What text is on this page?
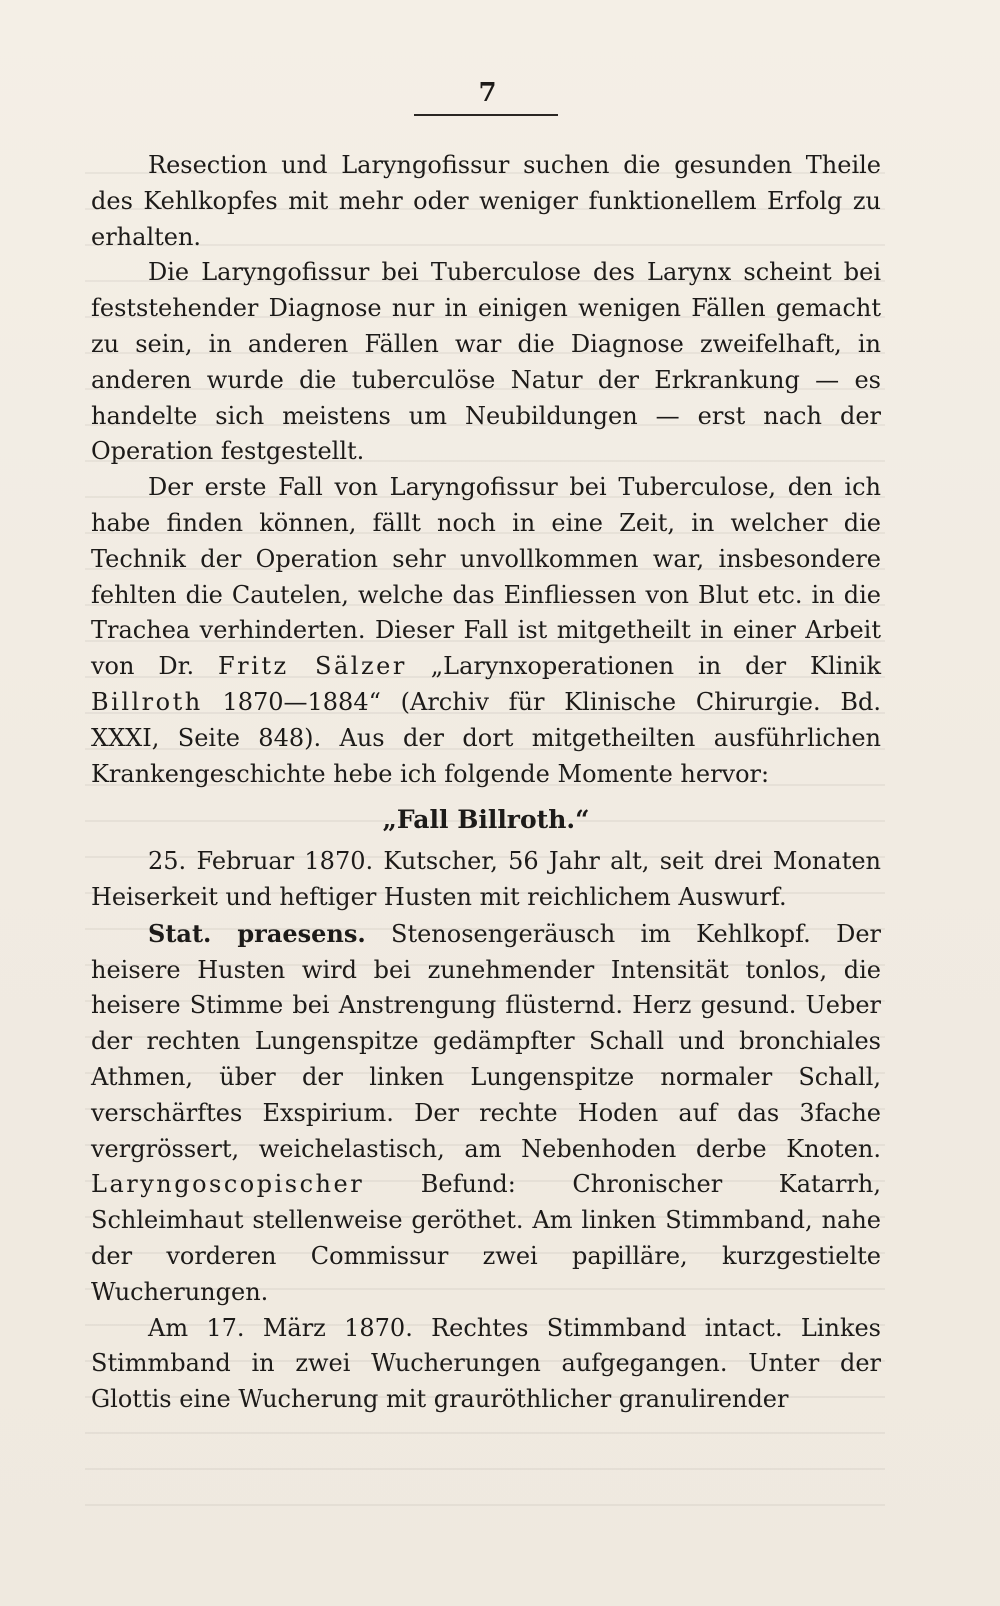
7

Resection und Laryngofissur suchen die gesunden Theile des Kehlkopfes mit mehr oder weniger funktionellem Erfolg zu erhalten.

Die Laryngofissur bei Tuberculose des Larynx scheint bei feststehender Diagnose nur in einigen wenigen Fällen gemacht zu sein, in anderen Fällen war die Diagnose zweifelhaft, in anderen wurde die tuberculöse Natur der Erkrankung — es handelte sich meistens um Neubildungen — erst nach der Operation festgestellt.

Der erste Fall von Laryngofissur bei Tuberculose, den ich habe finden können, fällt noch in eine Zeit, in welcher die Technik der Operation sehr unvollkommen war, insbesondere fehlten die Cautelen, welche das Einfliessen von Blut etc. in die Trachea verhinderten. Dieser Fall ist mitgetheilt in einer Arbeit von Dr. Fritz Sälzer „Larynxoperationen in der Klinik Billroth 1870—1884“ (Archiv für Klinische Chirurgie. Bd. XXXI, Seite 848). Aus der dort mitgetheilten ausführlichen Krankengeschichte hebe ich folgende Momente hervor:

„Fall Billroth.“

25. Februar 1870. Kutscher, 56 Jahr alt, seit drei Monaten Heiserkeit und heftiger Husten mit reichlichem Auswurf.

Stat. praesens. Stenosengeräusch im Kehlkopf. Der heisere Husten wird bei zunehmender Intensität tonlos, die heisere Stimme bei Anstrengung flüsternd. Herz gesund. Ueber der rechten Lungenspitze gedämpfter Schall und bronchiales Athmen, über der linken Lungenspitze normaler Schall, verschärftes Exspirium. Der rechte Hoden auf das 3fache vergrössert, weichelastisch, am Nebenhoden derbe Knoten. Laryngoscopischer Befund: Chronischer Katarrh, Schleimhaut stellenweise geröthet. Am linken Stimmband, nahe der vorderen Commissur zwei papilläre, kurzgestielte Wucherungen.

Am 17. März 1870. Rechtes Stimmband intact. Linkes Stimmband in zwei Wucherungen aufgegangen. Unter der Glottis eine Wucherung mit grauröthlicher granulirender
